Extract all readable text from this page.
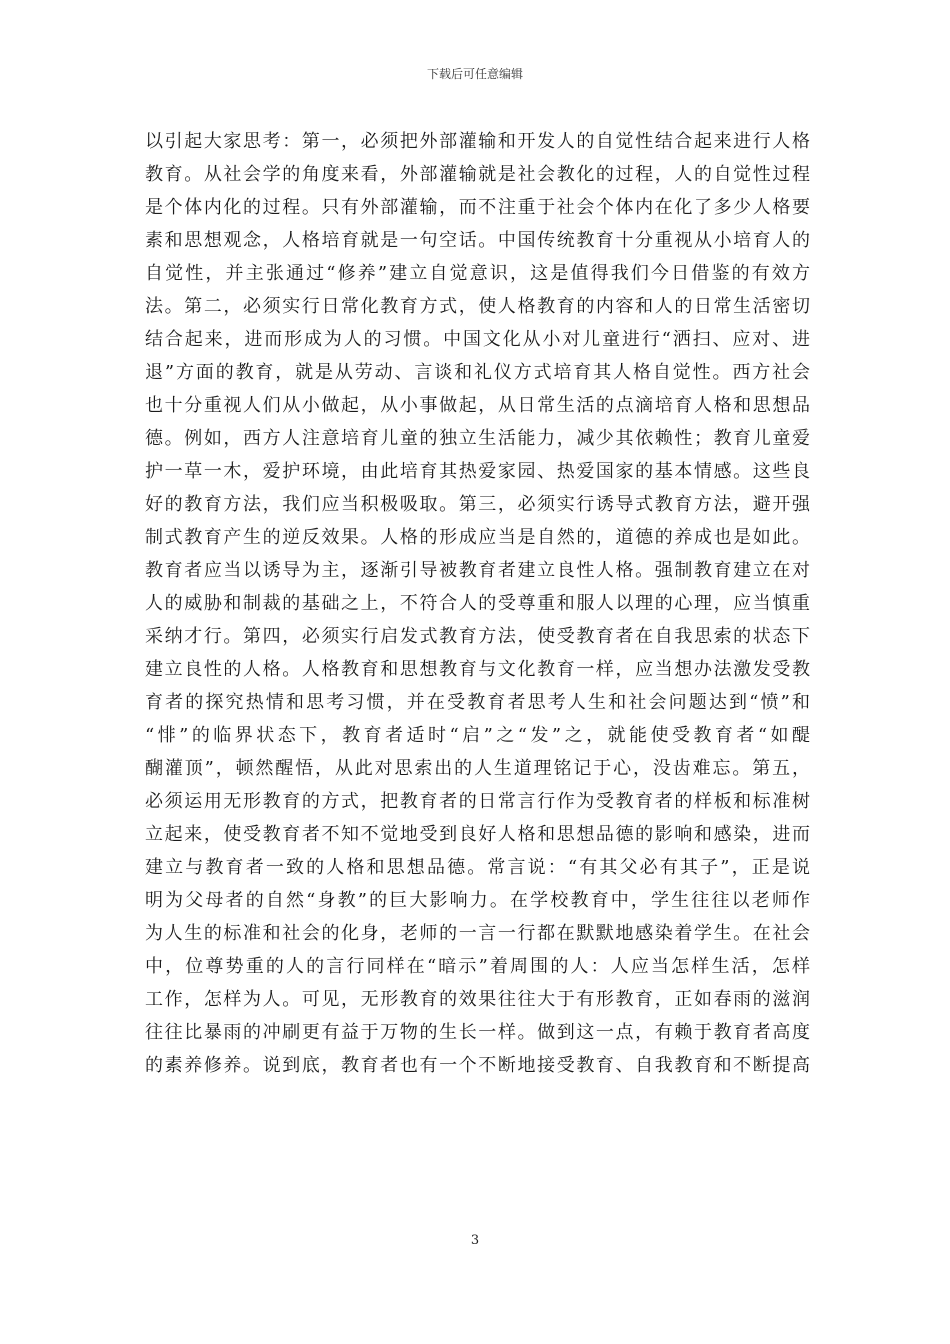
下载后可任意编辑
以引起大家思考：第一，必须把外部灌输和开发人的自觉性结合起来进行人格
教育。从社会学的角度来看，外部灌输就是社会教化的过程，人的自觉性过程
是个体内化的过程。只有外部灌输，而不注重于社会个体内在化了多少人格要
素和思想观念，人格培育就是一句空话。中国传统教育十分重视从小培育人的
自觉性，并主张通过“修养”建立自觉意识，这是值得我们今日借鉴的有效方
法。第二，必须实行日常化教育方式，使人格教育的内容和人的日常生活密切
结合起来，进而形成为人的习惯。中国文化从小对儿童进行“洒扫、应对、进
退”方面的教育，就是从劳动、言谈和礼仪方式培育其人格自觉性。西方社会
也十分重视人们从小做起，从小事做起，从日常生活的点滴培育人格和思想品
德。例如，西方人注意培育儿童的独立生活能力，减少其依赖性；教育儿童爱
护一草一木，爱护环境，由此培育其热爱家园、热爱国家的基本情感。这些良
好的教育方法，我们应当积极吸取。第三，必须实行诱导式教育方法，避开强
制式教育产生的逆反效果。人格的形成应当是自然的，道德的养成也是如此。
教育者应当以诱导为主，逐渐引导被教育者建立良性人格。强制教育建立在对
人的威胁和制裁的基础之上，不符合人的受尊重和服人以理的心理，应当慎重
采纳才行。第四，必须实行启发式教育方法，使受教育者在自我思索的状态下
建立良性的人格。人格教育和思想教育与文化教育一样，应当想办法激发受教
育者的探究热情和思考习惯，并在受教育者思考人生和社会问题达到“愤”和
“悱”的临界状态下，教育者适时“启”之“发”之，就能使受教育者“如醍
醐灌顶”，顿然醒悟，从此对思索出的人生道理铭记于心，没齿难忘。第五，
必须运用无形教育的方式，把教育者的日常言行作为受教育者的样板和标准树
立起来，使受教育者不知不觉地受到良好人格和思想品德的影响和感染，进而
建立与教育者一致的人格和思想品德。常言说：“有其父必有其子”，正是说
明为父母者的自然“身教”的巨大影响力。在学校教育中，学生往往以老师作
为人生的标准和社会的化身，老师的一言一行都在默默地感染着学生。在社会
中，位尊势重的人的言行同样在“暗示”着周围的人：人应当怎样生活，怎样
工作，怎样为人。可见，无形教育的效果往往大于有形教育，正如春雨的滋润
往往比暴雨的冲刷更有益于万物的生长一样。做到这一点，有赖于教育者高度
的素养修养。说到底，教育者也有一个不断地接受教育、自我教育和不断提高
3
